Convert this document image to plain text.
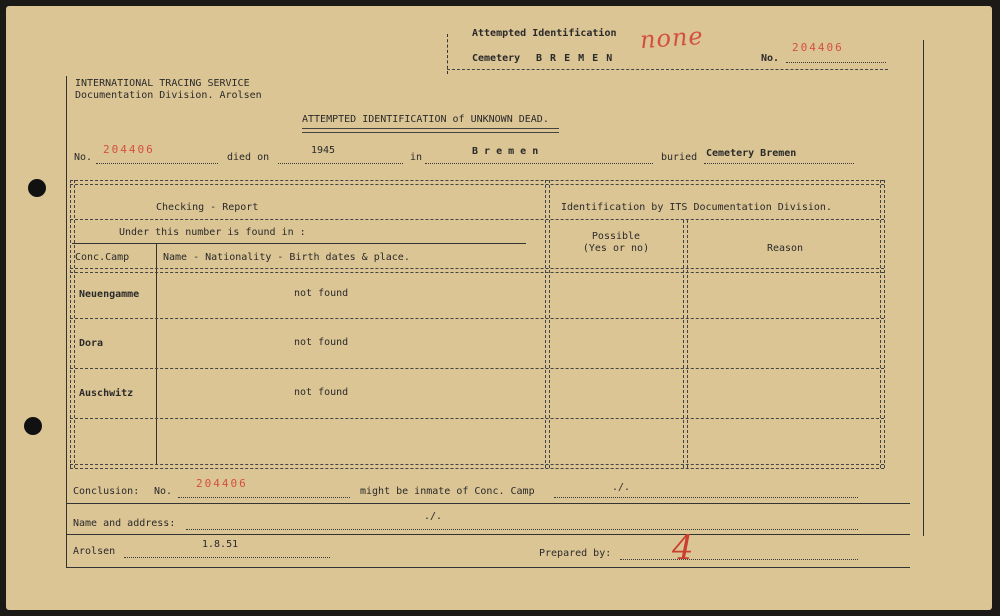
Attempted Identification
Cemetery B R E M E N
none
No.
204406
INTERNATIONAL TRACING SERVICE
Documentation Division. Arolsen
ATTEMPTED IDENTIFICATION of UNKNOWN DEAD.
No.
204406
died on
1945
in
B r e m e n
buried Cemetery Bremen
Checking - Report	Identification by ITS Documentation Division.
Under this number is found in :
Conc.Camp	Name - Nationality - Birth dates & place.
Possible
(Yes or no)	Reason
Neuengamme	not found
Dora	not found
Auschwitz	not found
Conclusion: No.
204406
might be inmate of Conc. Camp	./.
Name and address:
./.
Arolsen
1.8.51
Prepared by: 4
